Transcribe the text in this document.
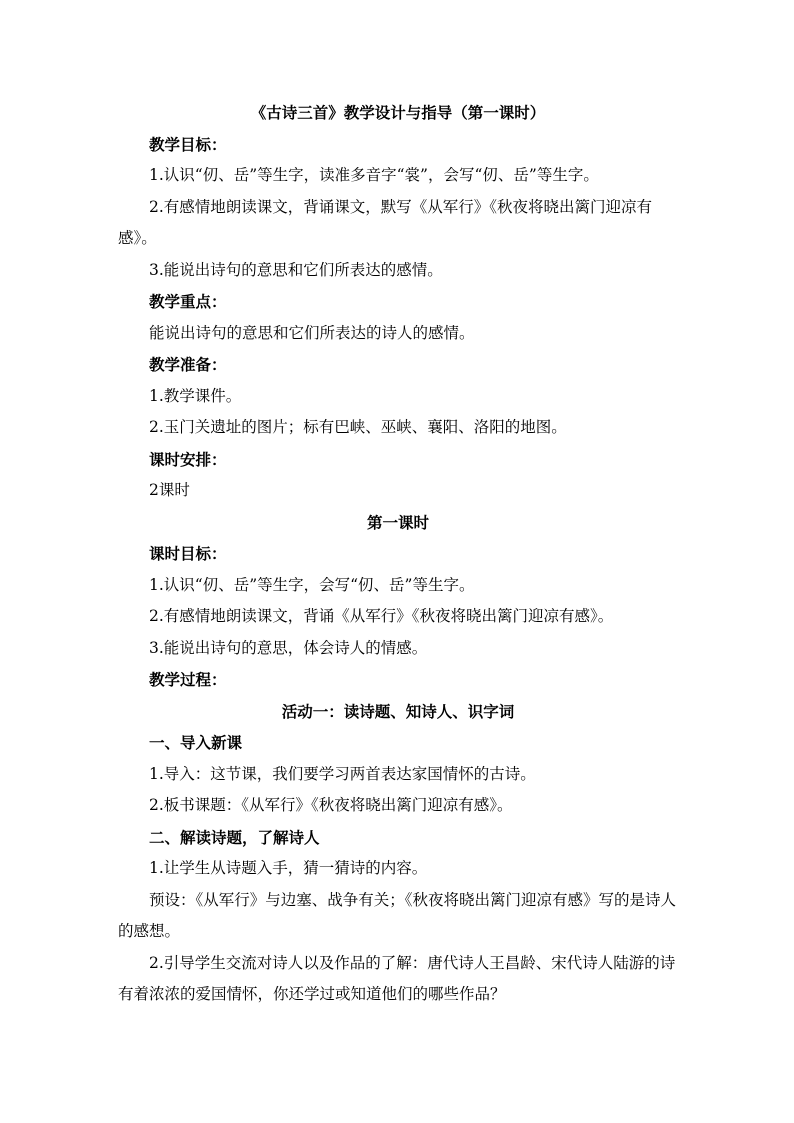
《古诗三首》教学设计与指导（第一课时）
教学目标：
1.认识“仞、岳”等生字，读准多音字“裳”，会写“仞、岳”等生字。
2.有感情地朗读课文，背诵课文，默写《从军行》《秋夜将晓出篱门迎凉有感》。
3.能说出诗句的意思和它们所表达的感情。
教学重点：
能说出诗句的意思和它们所表达的诗人的感情。
教学准备：
1.教学课件。
2.玉门关遗址的图片；标有巴峡、巫峡、襄阳、洛阳的地图。
课时安排：
2课时
第一课时
课时目标：
1.认识“仞、岳”等生字，会写“仞、岳”等生字。
2.有感情地朗读课文，背诵《从军行》《秋夜将晓出篱门迎凉有感》。
3.能说出诗句的意思，体会诗人的情感。
教学过程：
活动一：读诗题、知诗人、识字词
一、导入新课
1.导入：这节课，我们要学习两首表达家国情怀的古诗。
2.板书课题：《从军行》《秋夜将晓出篱门迎凉有感》。
二、解读诗题，了解诗人
1.让学生从诗题入手，猜一猜诗的内容。
预设：《从军行》与边塞、战争有关；《秋夜将晓出篱门迎凉有感》写的是诗人的感想。
2.引导学生交流对诗人以及作品的了解：唐代诗人王昌龄、宋代诗人陆游的诗有着浓浓的爱国情怀，你还学过或知道他们的哪些作品？
